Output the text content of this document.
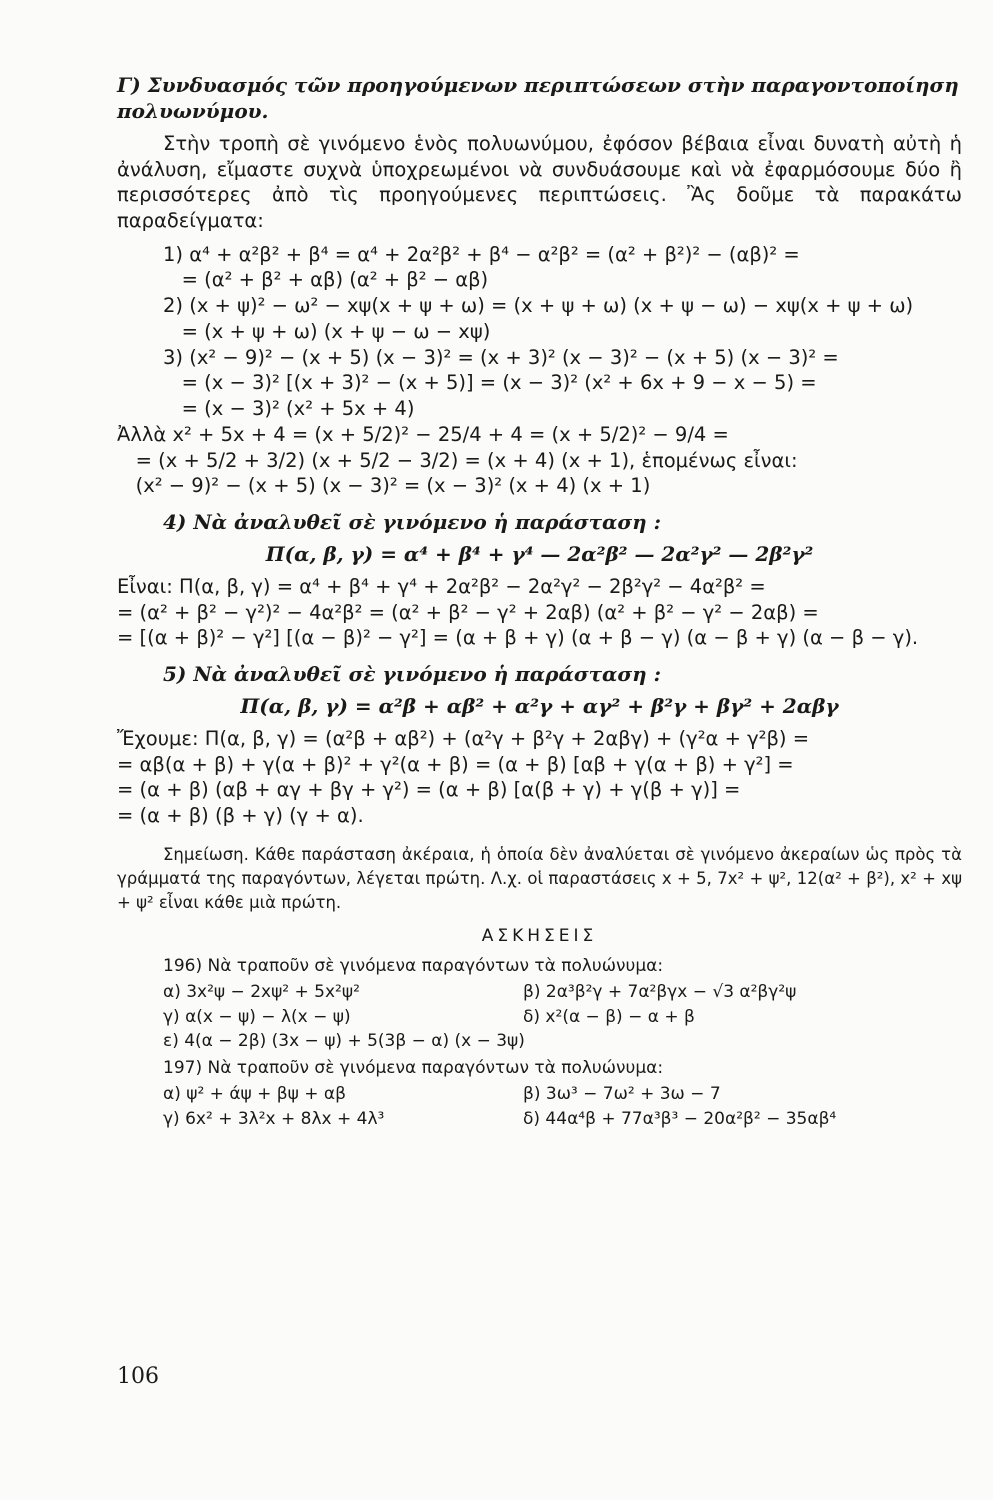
Γ) Συνδυασμός τῶν προηγούμενων περιπτώσεων στὴν παραγοντοποίηση πολυωνύμου.

Στὴν τροπὴ σὲ γινόμενο ἑνὸς πολυωνύμου, ἐφόσον βέβαια εἶναι δυνατὴ αὐτὴ ἡ ἀνάλυση, εἴμαστε συχνὰ ὑποχρεωμένοι νὰ συνδυάσουμε καὶ νὰ ἐφαρμόσουμε δύο ἢ περισσότερες ἀπὸ τὶς προηγούμενες περιπτώσεις. Ἂς δοῦμε τὰ παρακάτω παραδείγματα:

1) α⁴ + α²β² + β⁴ = α⁴ + 2α²β² + β⁴ − α²β² = (α² + β²)² − (αβ)² =

= (α² + β² + αβ) (α² + β² − αβ)

2) (x + ψ)² − ω² − xψ(x + ψ + ω) = (x + ψ + ω) (x + ψ − ω) − xψ(x + ψ + ω)

= (x + ψ + ω) (x + ψ − ω − xψ)

3) (x² − 9)² − (x + 5) (x − 3)² = (x + 3)² (x − 3)² − (x + 5) (x − 3)² =

= (x − 3)² [(x + 3)² − (x + 5)] = (x − 3)² (x² + 6x + 9 − x − 5) =

= (x − 3)² (x² + 5x + 4)

Ἀλλὰ x² + 5x + 4 = (x + 5/2)² − 25/4 + 4 = (x + 5/2)² − 9/4 =

= (x + 5/2 + 3/2) (x + 5/2 − 3/2) = (x + 4) (x + 1), ἑπομένως εἶναι:

(x² − 9)² − (x + 5) (x − 3)² = (x − 3)² (x + 4) (x + 1)

4) Νὰ ἀναλυθεῖ σὲ γινόμενο ἡ παράσταση :

Π(α, β, γ) = α⁴ + β⁴ + γ⁴ — 2α²β² — 2α²γ² — 2β²γ²

Εἶναι: Π(α, β, γ) = α⁴ + β⁴ + γ⁴ + 2α²β² − 2α²γ² − 2β²γ² − 4α²β² =

= (α² + β² − γ²)² − 4α²β² = (α² + β² − γ² + 2αβ) (α² + β² − γ² − 2αβ) =

= [(α + β)² − γ²] [(α − β)² − γ²] = (α + β + γ) (α + β − γ) (α − β + γ) (α − β − γ).

5) Νὰ ἀναλυθεῖ σὲ γινόμενο ἡ παράσταση :

Π(α, β, γ) = α²β + αβ² + α²γ + αγ² + β²γ + βγ² + 2αβγ

Ἔχουμε: Π(α, β, γ) = (α²β + αβ²) + (α²γ + β²γ + 2αβγ) + (γ²α + γ²β) =

= αβ(α + β) + γ(α + β)² + γ²(α + β) = (α + β) [αβ + γ(α + β) + γ²] =

= (α + β) (αβ + αγ + βγ + γ²) = (α + β) [α(β + γ) + γ(β + γ)] =

= (α + β) (β + γ) (γ + α).

Σημείωση. Κάθε παράσταση ἀκέραια, ἡ ὁποία δὲν ἀναλύεται σὲ γινόμενο ἀκεραίων ὡς πρὸς τὰ γράμματά της παραγόντων, λέγεται πρώτη. Λ.χ. οἱ παραστάσεις x + 5, 7x² + ψ², 12(α² + β²), x² + xψ + ψ² εἶναι κάθε μιὰ πρώτη.

ΑΣΚΗΣΕΙΣ

196) Νὰ τραποῦν σὲ γινόμενα παραγόντων τὰ πολυώνυμα:

α) 3x²ψ − 2xψ² + 5x²ψ²	β) 2α³β²γ + 7α²βγx − √3 α²βγ²ψ
γ) α(x − ψ) − λ(x − ψ)	δ) x²(α − β) − α + β
ε) 4(α − 2β) (3x − ψ) + 5(3β − α) (x − 3ψ)

197) Νὰ τραποῦν σὲ γινόμενα παραγόντων τὰ πολυώνυμα:

α) ψ² + άψ + βψ + αβ	β) 3ω³ − 7ω² + 3ω − 7
γ) 6x² + 3λ²x + 8λx + 4λ³	δ) 44α⁴β + 77α³β³ − 20α²β² − 35αβ⁴
106
